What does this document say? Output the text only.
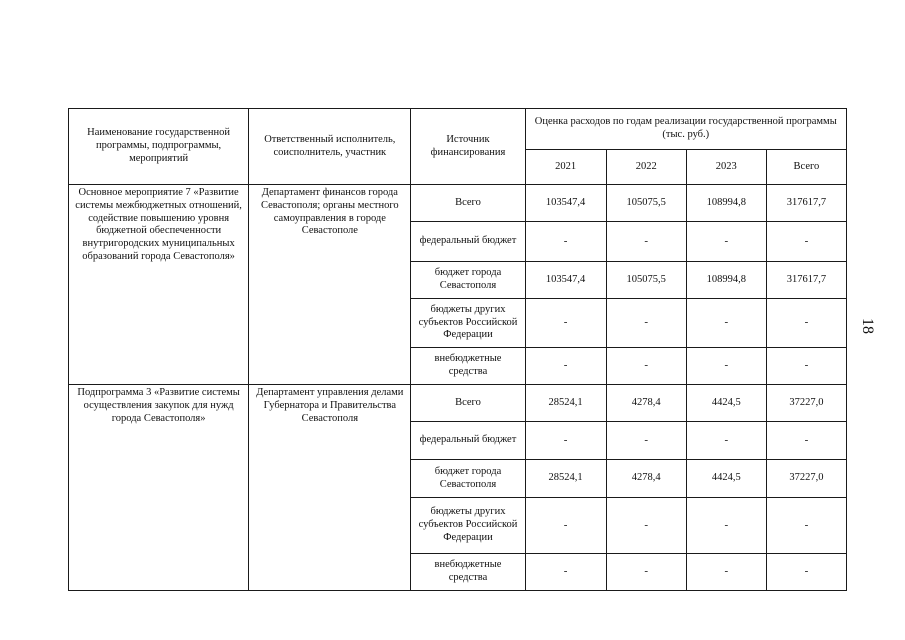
Наименование государственной программы, подпрограммы, мероприятий	Ответственный исполнитель, соисполнитель, участник	Источник финансирования	Оценка расходов по годам реализации государственной программы (тыс. руб.)			
			2021	2022	2023	Всего
Основное мероприятие 7 «Развитие системы межбюджетных отношений, содействие повышению уровня бюджетной обеспеченности внутригородских муниципальных образований города Севастополя»	Департамент финансов города Севастополя; органы местного самоуправления в городе Севастополе	Всего	103547,4	105075,5	108994,8	317617,7
		федеральный бюджет	-	-	-	-
		бюджет города Севастополя	103547,4	105075,5	108994,8	317617,7
		бюджеты других субъектов Российской Федерации	-	-	-	-
		внебюджетные средства	-	-	-	-
Подпрограмма 3 «Развитие системы осуществления закупок для нужд города Севастополя»	Департамент управления делами Губернатора и Правительства Севастополя	Всего	28524,1	4278,4	4424,5	37227,0
		федеральный бюджет	-	-	-	-
		бюджет города Севастополя	28524,1	4278,4	4424,5	37227,0
		бюджеты других субъектов Российской Федерации	-	-	-	-
		внебюджетные средства	-	-	-	-
18
